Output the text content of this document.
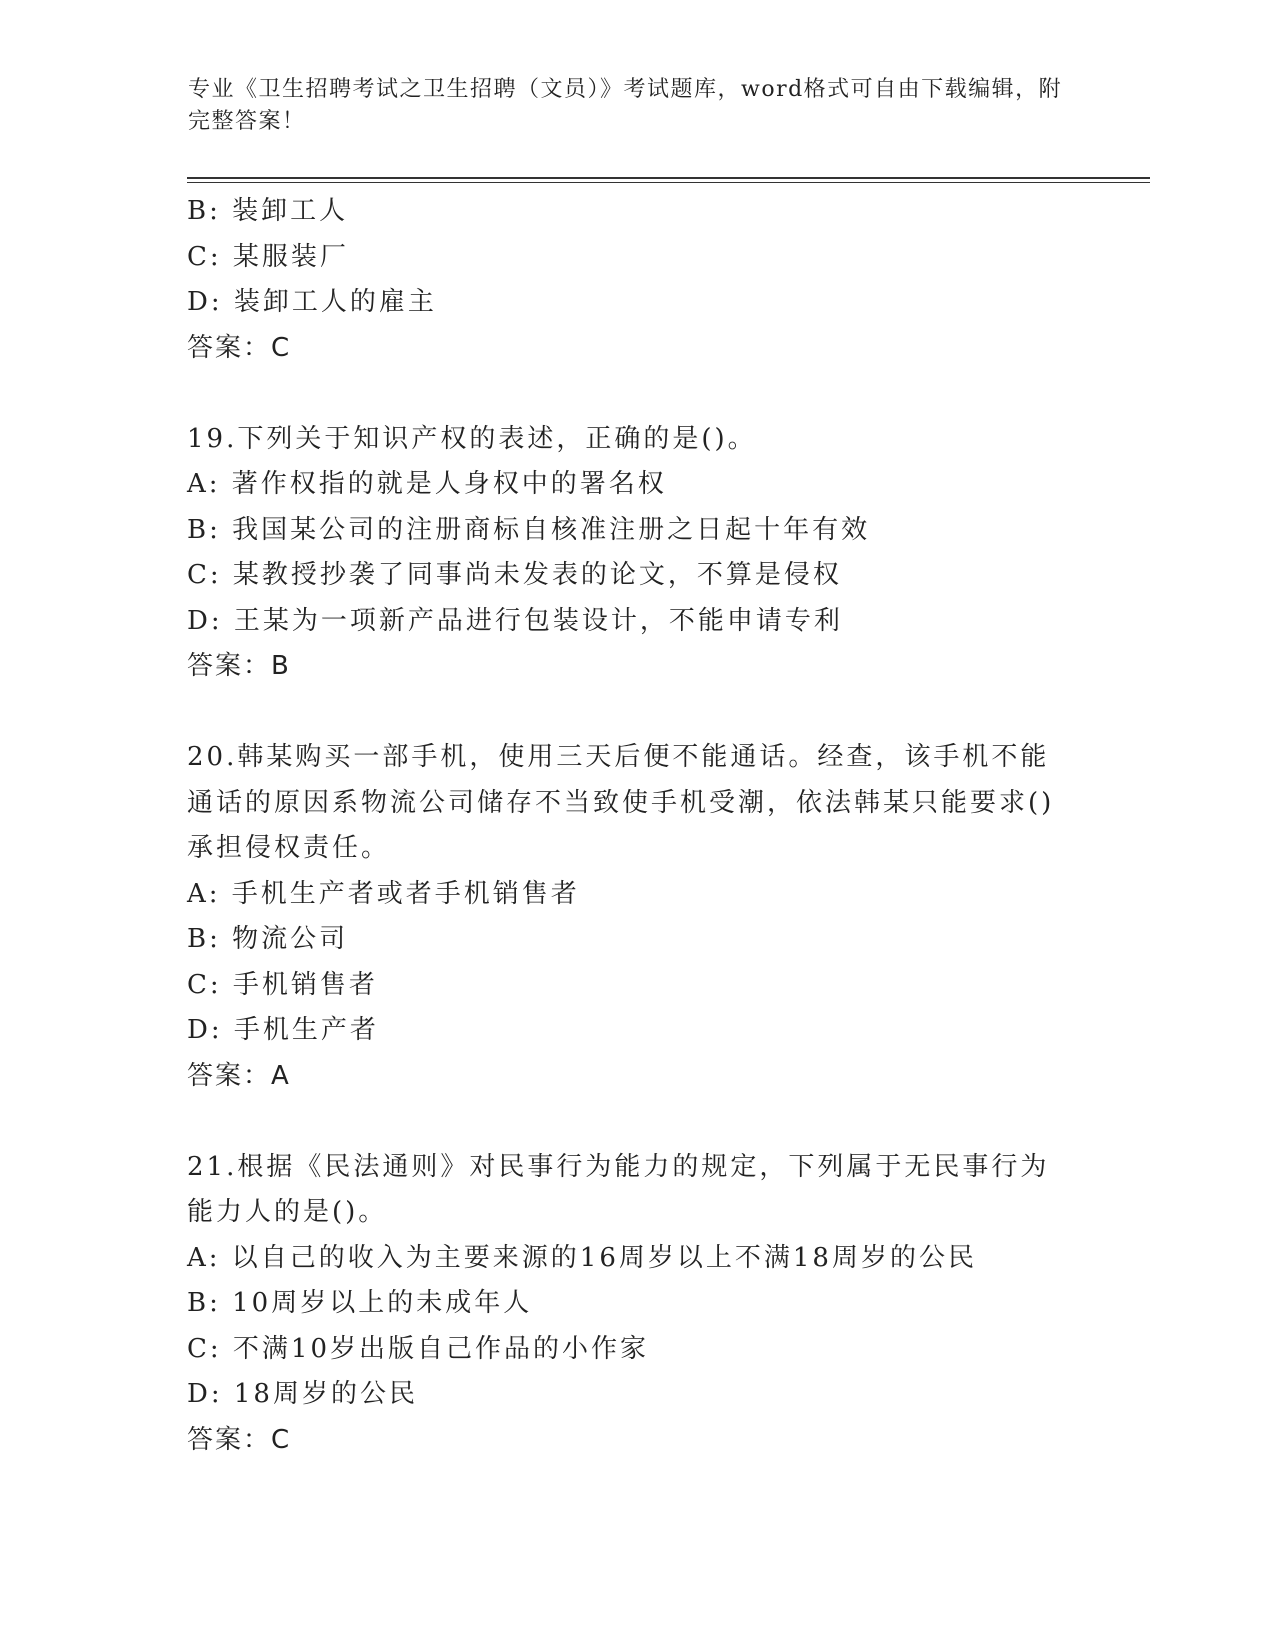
专业《卫生招聘考试之卫生招聘（文员）》考试题库，word格式可自由下载编辑，附完整答案！
B: 装卸工人
C: 某服装厂
D: 装卸工人的雇主
答案：C
19.下列关于知识产权的表述，正确的是()。
A: 著作权指的就是人身权中的署名权
B: 我国某公司的注册商标自核准注册之日起十年有效
C: 某教授抄袭了同事尚未发表的论文，不算是侵权
D: 王某为一项新产品进行包装设计，不能申请专利
答案：B
20.韩某购买一部手机，使用三天后便不能通话。经查，该手机不能通话的原因系物流公司储存不当致使手机受潮，依法韩某只能要求()承担侵权责任。
A: 手机生产者或者手机销售者
B: 物流公司
C: 手机销售者
D: 手机生产者
答案：A
21.根据《民法通则》对民事行为能力的规定，下列属于无民事行为能力人的是()。
A: 以自己的收入为主要来源的16周岁以上不满18周岁的公民
B: 10周岁以上的未成年人
C: 不满10岁出版自己作品的小作家
D: 18周岁的公民
答案：C
